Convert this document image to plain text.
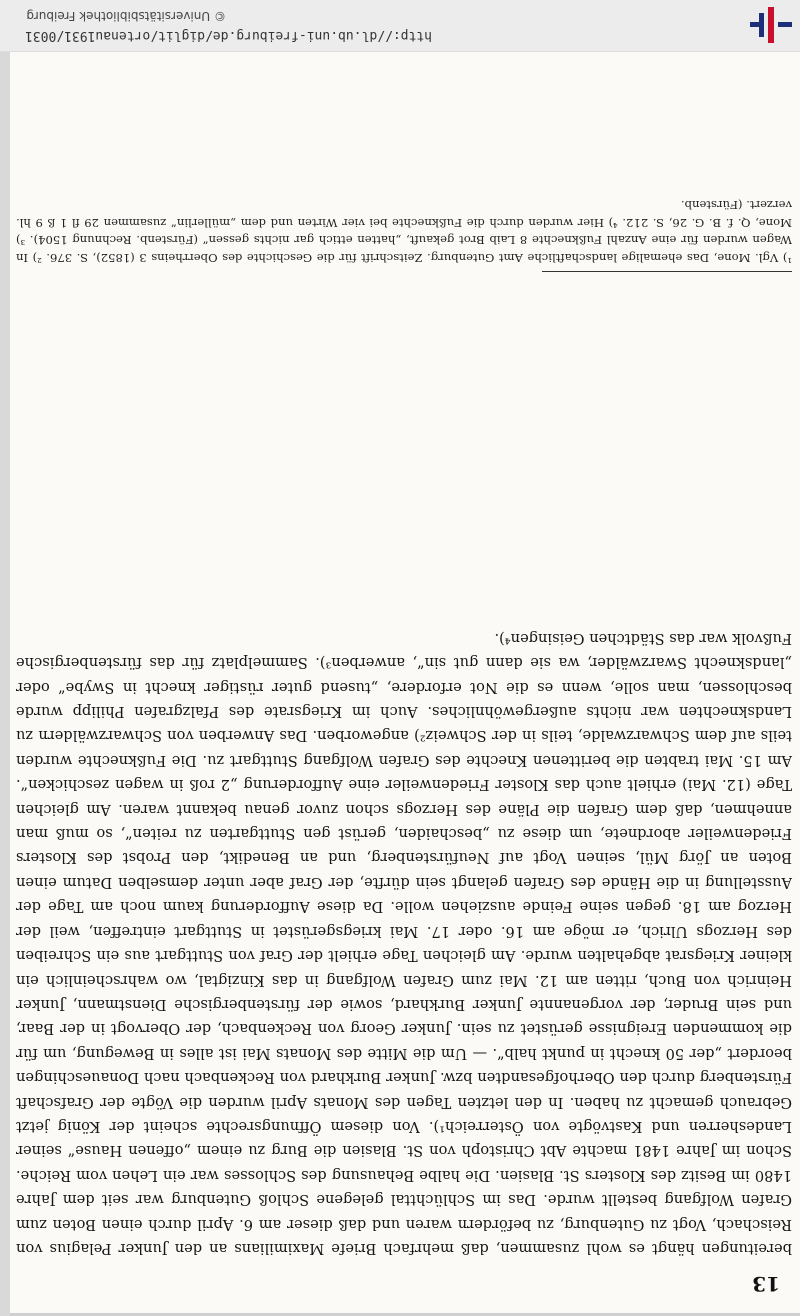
13

bereitungen hängt es wohl zusammen, daß mehrfach Briefe Maximilians an den Junker Pelagius von Reischach, Vogt zu Gutenburg, zu befördern waren und daß dieser am 6. April durch einen Boten zum Grafen Wolfgang bestellt wurde. Das im Schlüchttal gelegene Schloß Gutenburg war seit dem Jahre 1480 im Besitz des Klosters St. Blasien. Die halbe Behausung des Schlosses war ein Lehen vom Reiche. Schon im Jahre 1481 machte Abt Christoph von St. Blasien die Burg zu einem „offenen Hause“ seiner Landesherren und Kastvögte von Österreich¹). Von diesem Öffnungsrechte scheint der König jetzt Gebrauch gemacht zu haben. In den letzten Tagen des Monats April wurden die Vögte der Grafschaft Fürstenberg durch den Oberhofgesandten bzw. Junker Burkhard von Reckenbach nach Donaueschingen beordert „der 50 knecht in punkt halb“. — Um die Mitte des Monats Mai ist alles in Bewegung, um für die kommenden Ereignisse gerüstet zu sein. Junker Georg von Reckenbach, der Obervogt in der Baar, und sein Bruder, der vorgenannte Junker Burkhard, sowie der fürstenbergische Dienstmann, Junker Heinrich von Buch, ritten am 12. Mai zum Grafen Wolfgang in das Kinzigtal, wo wahrscheinlich ein kleiner Kriegsrat abgehalten wurde. Am gleichen Tage erhielt der Graf von Stuttgart aus ein Schreiben des Herzogs Ulrich, er möge am 16. oder 17. Mai kriegsgerüstet in Stuttgart eintreffen, weil der Herzog am 18. gegen seine Feinde ausziehen wolle. Da diese Aufforderung kaum noch am Tage der Ausstellung in die Hände des Grafen gelangt sein dürfte, der Graf aber unter demselben Datum einen Boten an Jörg Mül, seinen Vogt auf Neufürstenberg, und an Benedikt, den Probst des Klosters Friedenweiler abordnete, um diese zu „beschaiden, gerüst gen Stuttgarten zu reiten“, so muß man annehmen, daß dem Grafen die Pläne des Herzogs schon zuvor genau bekannt waren. Am gleichen Tage (12. Mai) erhielt auch das Kloster Friedenweiler eine Aufforderung „2 roß in wagen zeschicken“. Am 15. Mai trabten die berittenen Knechte des Grafen Wolfgang Stuttgart zu. Die Fußknechte wurden teils auf dem Schwarzwalde, teils in der Schweiz²) angeworben. Das Anwerben von Schwarzwäldern zu Landsknechten war nichts außergewöhnliches. Auch im Kriegsrate des Pfalzgrafen Philipp wurde beschlossen, man solle, wenn es die Not erfordere, „tusend guter rüstiger knecht in Swybe“ oder „landsknecht Swarzwälder, wa sie dann gut sin“, anwerben³). Sammelplatz für das fürstenbergische Fußvolk war das Städtchen Geisingen⁴).

¹) Vgl. Mone, Das ehemalige landschaftliche Amt Gutenburg. Zeitschrift für die Geschichte des Oberrheins 3 (1852), S. 376. ²) In Wagen wurden für eine Anzahl Fußknechte 8 Laib Brot gekauft, „hatten ettich gar nichts gessen“ (Fürstenb. Rechnung 1504). ³) Mone, Q. f. B. G. 26, S. 212. ⁴) Hier wurden durch die Fußknechte bei vier Wirten und dem „müllerlin“ zusammen 29 fl 1 ß 9 hl. verzert. (Fürstenb.

http://dl.ub.uni-freiburg.de/diglit/ortenau1931/0031
© Universitätsbibliothek Freiburg
